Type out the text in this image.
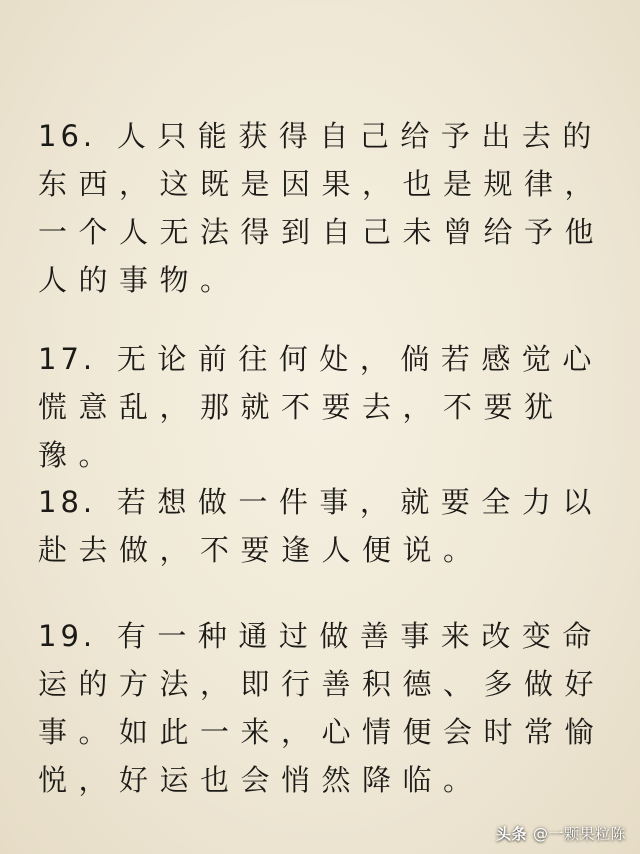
16. 人只能获得自己给予出去的
东西，这既是因果，也是规律，
一个人无法得到自己未曾给予他
人的事物。
17. 无论前往何处，倘若感觉心
慌意乱，那就不要去，不要犹豫。
18. 若想做一件事，就要全力以
赴去做，不要逢人便说。
19. 有一种通过做善事来改变命
运的方法，即行善积德、多做好
事。如此一来，心情便会时常愉
悦，好运也会悄然降临。
头条 @一颗果粒陈
